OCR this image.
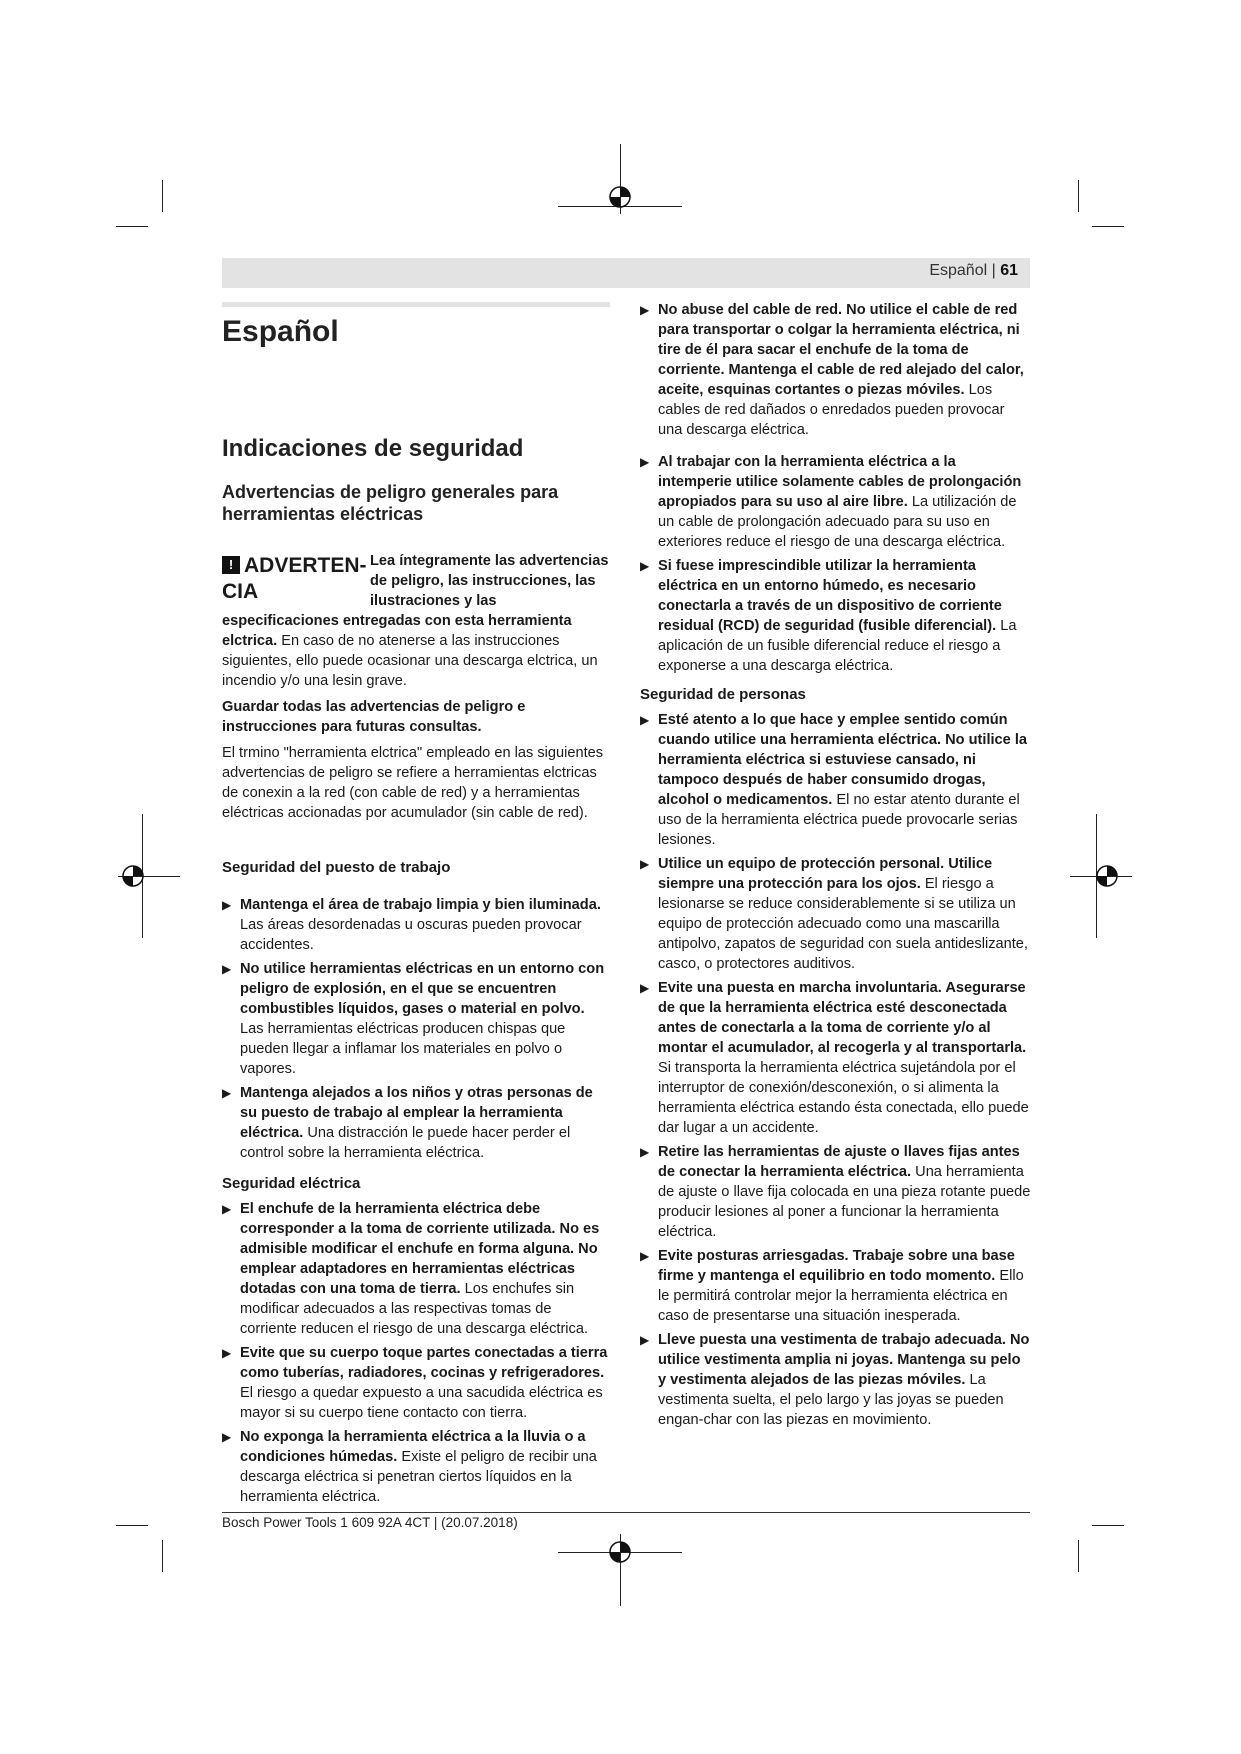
Español | 61
Español
Indicaciones de seguridad
Advertencias de peligro generales para herramientas eléctricas
! ADVERTEN-CIA

Lea íntegramente las advertencias de peligro, las instrucciones, las ilustraciones y las especificaciones entregadas con esta herramienta elctrica. En caso de no atenerse a las instrucciones siguientes, ello puede ocasionar una descarga elctrica, un incendio y/o una lesin grave.

Guardar todas las advertencias de peligro e instrucciones para futuras consultas.

El trmino "herramienta elctrica" empleado en las siguientes advertencias de peligro se refiere a herramientas elctricas de conexin a la red (con cable de red) y a herramientas eléctricas accionadas por acumulador (sin cable de red).

Seguridad del puesto de trabajo
▶ Mantenga el área de trabajo limpia y bien iluminada. Las áreas desordenadas u oscuras pueden provocar accidentes.
▶ No utilice herramientas eléctricas en un entorno con peligro de explosión, en el que se encuentren combustibles líquidos, gases o material en polvo. Las herramientas eléctricas producen chispas que pueden llegar a inflamar los materiales en polvo o vapores.
▶ Mantenga alejados a los niños y otras personas de su puesto de trabajo al emplear la herramienta eléctrica. Una distracción le puede hacer perder el control sobre la herramienta eléctrica.
Seguridad eléctrica
▶ El enchufe de la herramienta eléctrica debe corresponder a la toma de corriente utilizada. No es admisible modificar el enchufe en forma alguna. No emplear adaptadores en herramientas eléctricas dotadas con una toma de tierra. Los enchufes sin modificar adecuados a las respectivas tomas de corriente reducen el riesgo de una descarga eléctrica.
▶ Evite que su cuerpo toque partes conectadas a tierra como tuberías, radiadores, cocinas y refrigeradores. El riesgo a quedar expuesto a una sacudida eléctrica es mayor si su cuerpo tiene contacto con tierra.
▶ No exponga la herramienta eléctrica a la lluvia o a condiciones húmedas. Existe el peligro de recibir una descarga eléctrica si penetran ciertos líquidos en la herramienta eléctrica.
▶ No abuse del cable de red. No utilice el cable de red para transportar o colgar la herramienta eléctrica, ni tire de él para sacar el enchufe de la toma de corriente. Mantenga el cable de red alejado del calor, aceite, esquinas cortantes o piezas móviles. Los cables de red dañados o enredados pueden provocar una descarga eléctrica.
▶ Al trabajar con la herramienta eléctrica a la intemperie utilice solamente cables de prolongación apropiados para su uso al aire libre. La utilización de un cable de prolongación adecuado para su uso en exteriores reduce el riesgo de una descarga eléctrica.
▶ Si fuese imprescindible utilizar la herramienta eléctrica en un entorno húmedo, es necesario conectarla a través de un dispositivo de corriente residual (RCD) de seguridad (fusible diferencial). La aplicación de un fusible diferencial reduce el riesgo a exponerse a una descarga eléctrica.
Seguridad de personas
▶ Esté atento a lo que hace y emplee sentido común cuando utilice una herramienta eléctrica. No utilice la herramienta eléctrica si estuviese cansado, ni tampoco después de haber consumido drogas, alcohol o medicamentos. El no estar atento durante el uso de la herramienta eléctrica puede provocarle serias lesiones.
▶ Utilice un equipo de protección personal. Utilice siempre una protección para los ojos. El riesgo a lesionarse se reduce considerablemente si se utiliza un equipo de protección adecuado como una mascarilla antipolvo, zapatos de seguridad con suela antideslizante, casco, o protectores auditivos.
▶ Evite una puesta en marcha involuntaria. Asegurarse de que la herramienta eléctrica esté desconectada antes de conectarla a la toma de corriente y/o al montar el acumulador, al recogerla y al transportarla. Si transporta la herramienta eléctrica sujetándola por el interruptor de conexión/desconexión, o si alimenta la herramienta eléctrica estando ésta conectada, ello puede dar lugar a un accidente.
▶ Retire las herramientas de ajuste o llaves fijas antes de conectar la herramienta eléctrica. Una herramienta de ajuste o llave fija colocada en una pieza rotante puede producir lesiones al poner a funcionar la herramienta eléctrica.
▶ Evite posturas arriesgadas. Trabaje sobre una base firme y mantenga el equilibrio en todo momento. Ello le permitirá controlar mejor la herramienta eléctrica en caso de presentarse una situación inesperada.
▶ Lleve puesta una vestimenta de trabajo adecuada. No utilice vestimenta amplia ni joyas. Mantenga su pelo y vestimenta alejados de las piezas móviles. La vestimenta suelta, el pelo largo y las joyas se pueden engan-char con las piezas en movimiento.
Bosch Power Tools 1 609 92A 4CT | (20.07.2018)
